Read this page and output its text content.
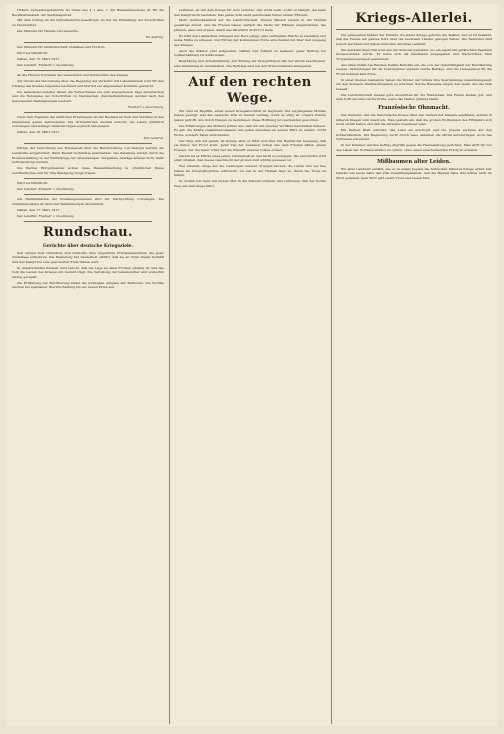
Höhere Verwaltungsbehörde im Sinne des § 1 Abs. 1 der Bekanntmachung ist für die Bezirksamtsstadt der Stadtmagistrat.

Mit dem Vollzug ist die Polizeibehörde beauftragt; sie hat die Einhaltung der Vorschriften zu überwachen.

Der Minister für Handel und Gewerbe.

Im Auftrag.

Der Minister für landwirtschaft, Domänen und Forsten.

Wird veröffentlicht.

Dallau, den 15. März 1917.

Der Landrat. Freiherr v. Doernberg.

An die Herren Vorsteher der Gemeinden und Gutsbezirke des Kreises.

Auf Grund der Verordnung über die Regelung des Verkehrs mit Lebensmitteln wird für den Umfang des Kreises folgendes bestimmt und hiermit zur allgemeinen Kenntnis gebracht.

Die Gemeindevorsteher haben die Verzeichnisse bis zum angegebenen Tage einzureichen und die Befolgung der Vorschriften zu überwachen. Zuwiderhandlungen werden nach den bestehenden Bestimmungen bestraft.

Freiherr v. Doernberg.

Nach dem Ergebnis der amtlichen Erhebungen ist der Bestand an Vieh und Vorräten in den Gemeinden genau festzustellen. Die Ortsbehörden werden ersucht, die Listen pünktlich vorzulegen und etwaige Veränderungen sogleich anzuzeigen.

Dallau, den 16. März 1917.

Der Landrat.

Infolge der Verordnung des Bundesrats über die Bereitstellung von Saatgut werden die Landwirte aufgefordert, ihren Bedarf rechtzeitig anzumelden. Die Zuteilung erfolgt durch die Kreisverwaltung in der Reihenfolge der Anmeldungen. Verspätete Anträge können nicht mehr berücksichtigt werden.

Die Herren Bürgermeister wollen diese Bekanntmachung in ortsüblicher Weise veröffentlichen und für ihre Befolgung Sorge tragen.

Wird veröffentlicht.

Der Landrat. Freiherr v. Doernberg.

Die Radfahrkarten der Kreiseingesessenen sind zur Nachprüfung vorzulegen. Die Gummibereifung ist nach den Bestimmungen abzuliefern.

Dallau, den 17. März 1917.

Der Landrat. Freiherr v. Doernberg.

Rundschau.
Gerüchte über deutsche Kriegsziele.

Seit einiger Zeit verbreiten sich Gerüchte über angebliche Friedensabsichten, die jeder Grundlage entbehren. Die Regierung hat wiederholt erklärt, daß sie an ihren Zielen festhält und den Kampf bis zum gesicherten Ende führen wird.

In unterrichteten Kreisen wird betont, daß die Lage an allen Fronten günstig ist und das Volk die Lasten des Krieges mit Geduld trägt. Die Verteilung der Lebensmittel wird weiterhin streng geregelt.

Die Ernährung der Bevölkerung bildet die wichtigste Aufgabe der Behörden. Die Vorräte reichen bei sparsamer Bewirtschaftung bis zur neuen Ernte aus.

verlieren, ist mit dem Kriege für Gott verloren. Wer nicht weiß, wofür er kämpft, der kann den Kampf nicht bestehen. Das ganze Volk steht geschlossen hinter seinen Führern.

Mehr Aufmerksamkeit auf die Landwirtschaft. Unsere Bauern leisten in der Heimat gewaltige Arbeit, und die Frauen haben vielfach die Stelle der Männer eingenommen. Sie pflügen, säen und ernten, damit das Vaterland nicht Not leide.

Es wird den Landwirten dringend ans Herz gelegt, jede verfügbare Fläche zu bestellen und keine Mühe zu scheuen. Der Ertrag der kommenden Ernte entscheidet mit über den Ausgang des Krieges.

Auch die Städter sind aufgerufen, Gärten und Ödland zu bebauen. Jeder Beitrag zur Volksernährung ist willkommen.

Begrüßung und Arbeitsleistung. Zur Ehrung der Kriegerfrauen hat der Verein beschlossen, eine Sammlung zu veranstalten. Die Beiträge sind bei den Ortsvorständen abzugeben.

Auf den rechten Wege.

Wir sind im Begriffe, einen neuen Kriegsabschnitt zu beginnen. Die vergangenen Monate haben gezeigt, was das deutsche Volk zu leisten vermag, wenn es einig ist. Unsere Feinde haben gehofft, uns durch Hunger zu bezwingen; diese Hoffnung ist zuschanden geworden.

Die Erfahrungen des Winters lehren uns, daß wir mit unseren Vorräten haushalten müssen. Es gilt, die Kräfte zusammenzufassen und jeden einzelnen an seinen Platz zu stellen. Nicht Worte, sondern Taten entscheiden.

Der Weg, den wir gehen, ist steinig, aber er führt zum Ziel. Die Heimat hat bewiesen, daß sie hinter der Front steht. Jeder Tag der Ausdauer bringt uns dem Frieden näher, einem Frieden, der die Opfer lohnt und die Zukunft unseres Volkes sichert.

Darum ist es Pflicht eines jeden, mitzuarbeiten und nicht zu verzagen. Die Geschichte wird einst urteilen, daß dieses Geschlecht der großen Zeit würdig gewesen ist.

Wer zweifelt, möge auf die Leistungen unserer Truppen blicken. Zu Lande und zur See haben sie Unvergängliches vollbracht. An uns in der Heimat liegt es, ihnen die Treue zu halten.

So wollen wir denn mit festem Mut in die Zukunft schauen und vertrauen, daß der rechte Weg uns zum Siege führt.

Kriegs-Allerlei.

Die gefesselten Späher der Entente. Zu jedem Kriege gehören die Späher, und es ist bekannt, daß die Feinde ein ganzes Netz über die neutralen Länder gezogen haben. Die Behörden sind jedoch wachsam und haben manchen Anschlag vereitelt.

Ein merkwürdiger Fall wird aus der Schweiz gemeldet, wo ein Agent mit gefälschten Papieren festgenommen wurde. Er hatte sich als Kaufmann ausgegeben und Nachrichten über Truppenbewegungen gesammelt.

Aus allen Teilen des Reiches treffen Berichte ein, die von der Opferwilligkeit der Bevölkerung zeugen. Sammlungen für die Verwundeten ergeben reiche Beträge, und die Liebesgaben für die Front nehmen kein Ende.

In einer kleinen Gemeinde haben die Kinder der Schule ihre Sparpfennige zusammengelegt, um den Soldaten Weihnachtsgaben zu schicken. Solche Beispiele zeigen den Geist, der das Volk beseelt.

Die Landwirtschaft meldet gute Aussichten für die Wintersaat. Die Felder stehen gut, und man hofft auf eine reiche Ernte, wenn das Wetter günstig bleibt.

Französische Ohnmacht.

Der Kummer, den die französische Presse über den Verlauf der Kämpfe empfindet, kommt in bitteren Klagen zum Ausdruck. Man gesteht ein, daß die großen Hoffnungen des Frühjahrs sich nicht erfüllt haben und daß die Verluste ungeheuer sind.

Ein Pariser Blatt schreibt, das Land sei erschöpft und die Jugend verblute auf den Schlachtfeldern. Die Regierung sucht durch neue Anleihen die Mittel aufzubringen, doch das Vertrauen schwindet.

In der Kammer wurden heftige Angriffe gegen die Heeresleitung gerichtet. Man wirft ihr vor, das Leben der Soldaten sinnlos zu opfern, ohne einen entscheidenden Erfolg zu erzielen.

Mißbaumen alter Leiden.

Ein alter Landwirt erzählt, wie er in seiner Jugend die Schrecken früherer Kriege erlebt hat. Damals wie heute habe das Volk zusammengehalten, und die Heimat habe ihre Söhne nicht im Stich gelassen. Sein Wort gibt vielen Trost und neuen Mut.
